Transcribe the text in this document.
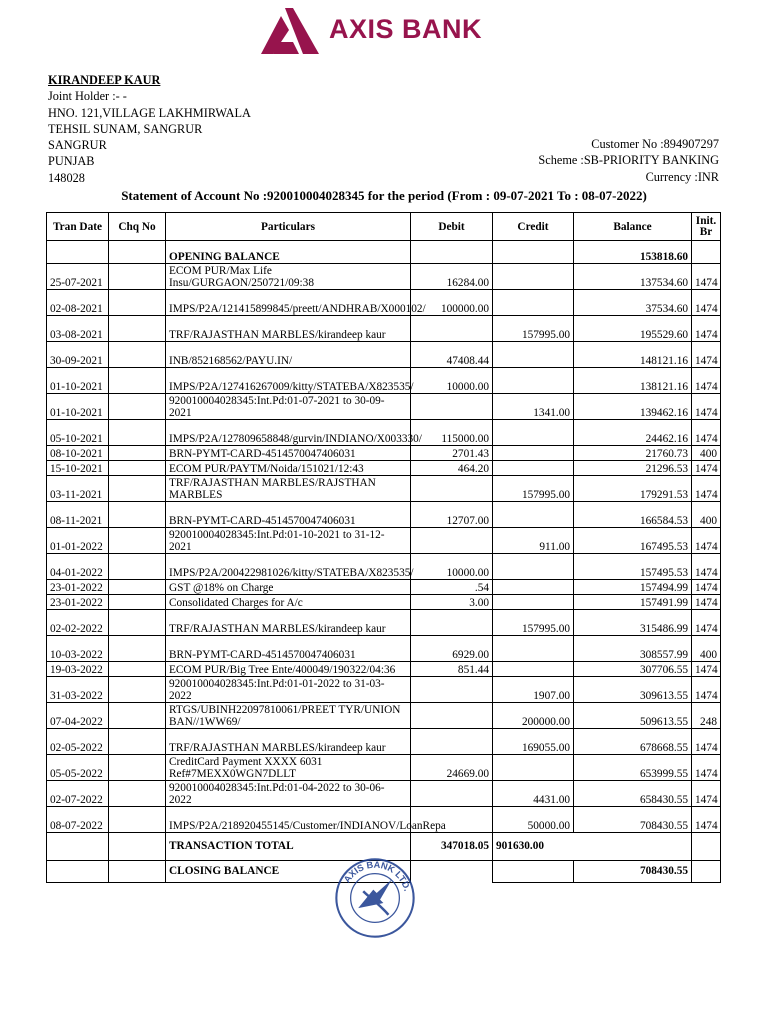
AXIS BANK
KIRANDEEP KAUR
Joint Holder :- -
HNO. 121,VILLAGE LAKHMIRWALA
TEHSIL SUNAM, SANGRUR
SANGRUR
PUNJAB
148028
Customer No :894907297
Scheme :SB-PRIORITY BANKING
Currency :INR
Statement of Account No :920010004028345 for the period (From : 09-07-2021 To : 08-07-2022)
Tran Date	Chq No	Particulars	Debit	Credit	Balance	Init. Br
		OPENING BALANCE			153818.60	
25-07-2021		ECOM PUR/Max Life Insu/GURGAON/250721/09:38	16284.00		137534.60	1474
02-08-2021		IMPS/P2A/121415899845/preett/ANDHRAB/X000102/	100000.00		37534.60	1474
03-08-2021		TRF/RAJASTHAN MARBLES/kirandeep kaur		157995.00	195529.60	1474
30-09-2021		INB/852168562/PAYU.IN/	47408.44		148121.16	1474
01-10-2021		IMPS/P2A/127416267009/kitty/STATEBA/X823535/	10000.00		138121.16	1474
01-10-2021		920010004028345:Int.Pd:01-07-2021 to 30-09-2021		1341.00	139462.16	1474
05-10-2021		IMPS/P2A/127809658848/gurvin/INDIANO/X003330/	115000.00		24462.16	1474
08-10-2021		BRN-PYMT-CARD-4514570047406031	2701.43		21760.73	400
15-10-2021		ECOM PUR/PAYTM/Noida/151021/12:43	464.20		21296.53	1474
03-11-2021		TRF/RAJASTHAN MARBLES/RAJSTHAN MARBLES		157995.00	179291.53	1474
08-11-2021		BRN-PYMT-CARD-4514570047406031	12707.00		166584.53	400
01-01-2022		920010004028345:Int.Pd:01-10-2021 to 31-12-2021		911.00	167495.53	1474
04-01-2022		IMPS/P2A/200422981026/kitty/STATEBA/X823535/	10000.00		157495.53	1474
23-01-2022		GST @18% on Charge	.54		157494.99	1474
23-01-2022		Consolidated Charges for A/c	3.00		157491.99	1474
02-02-2022		TRF/RAJASTHAN MARBLES/kirandeep kaur		157995.00	315486.99	1474
10-03-2022		BRN-PYMT-CARD-4514570047406031	6929.00		308557.99	400
19-03-2022		ECOM PUR/Big Tree Ente/400049/190322/04:36	851.44		307706.55	1474
31-03-2022		920010004028345:Int.Pd:01-01-2022 to 31-03-2022		1907.00	309613.55	1474
07-04-2022		RTGS/UBINH22097810061/PREET TYR/UNION BAN//1WW69/		200000.00	509613.55	248
02-05-2022		TRF/RAJASTHAN MARBLES/kirandeep kaur		169055.00	678668.55	1474
05-05-2022		CreditCard Payment XXXX 6031 Ref#7MEXX0WGN7DLLT	24669.00		653999.55	1474
02-07-2022		920010004028345:Int.Pd:01-04-2022 to 30-06-2022		4431.00	658430.55	1474
08-07-2022		IMPS/P2A/218920455145/Customer/INDIANOV/LoanRepa		50000.00	708430.55	1474
		TRANSACTION TOTAL	347018.05	901630.00		
		CLOSING BALANCE			708430.55	
AXIS BANK LTD.
